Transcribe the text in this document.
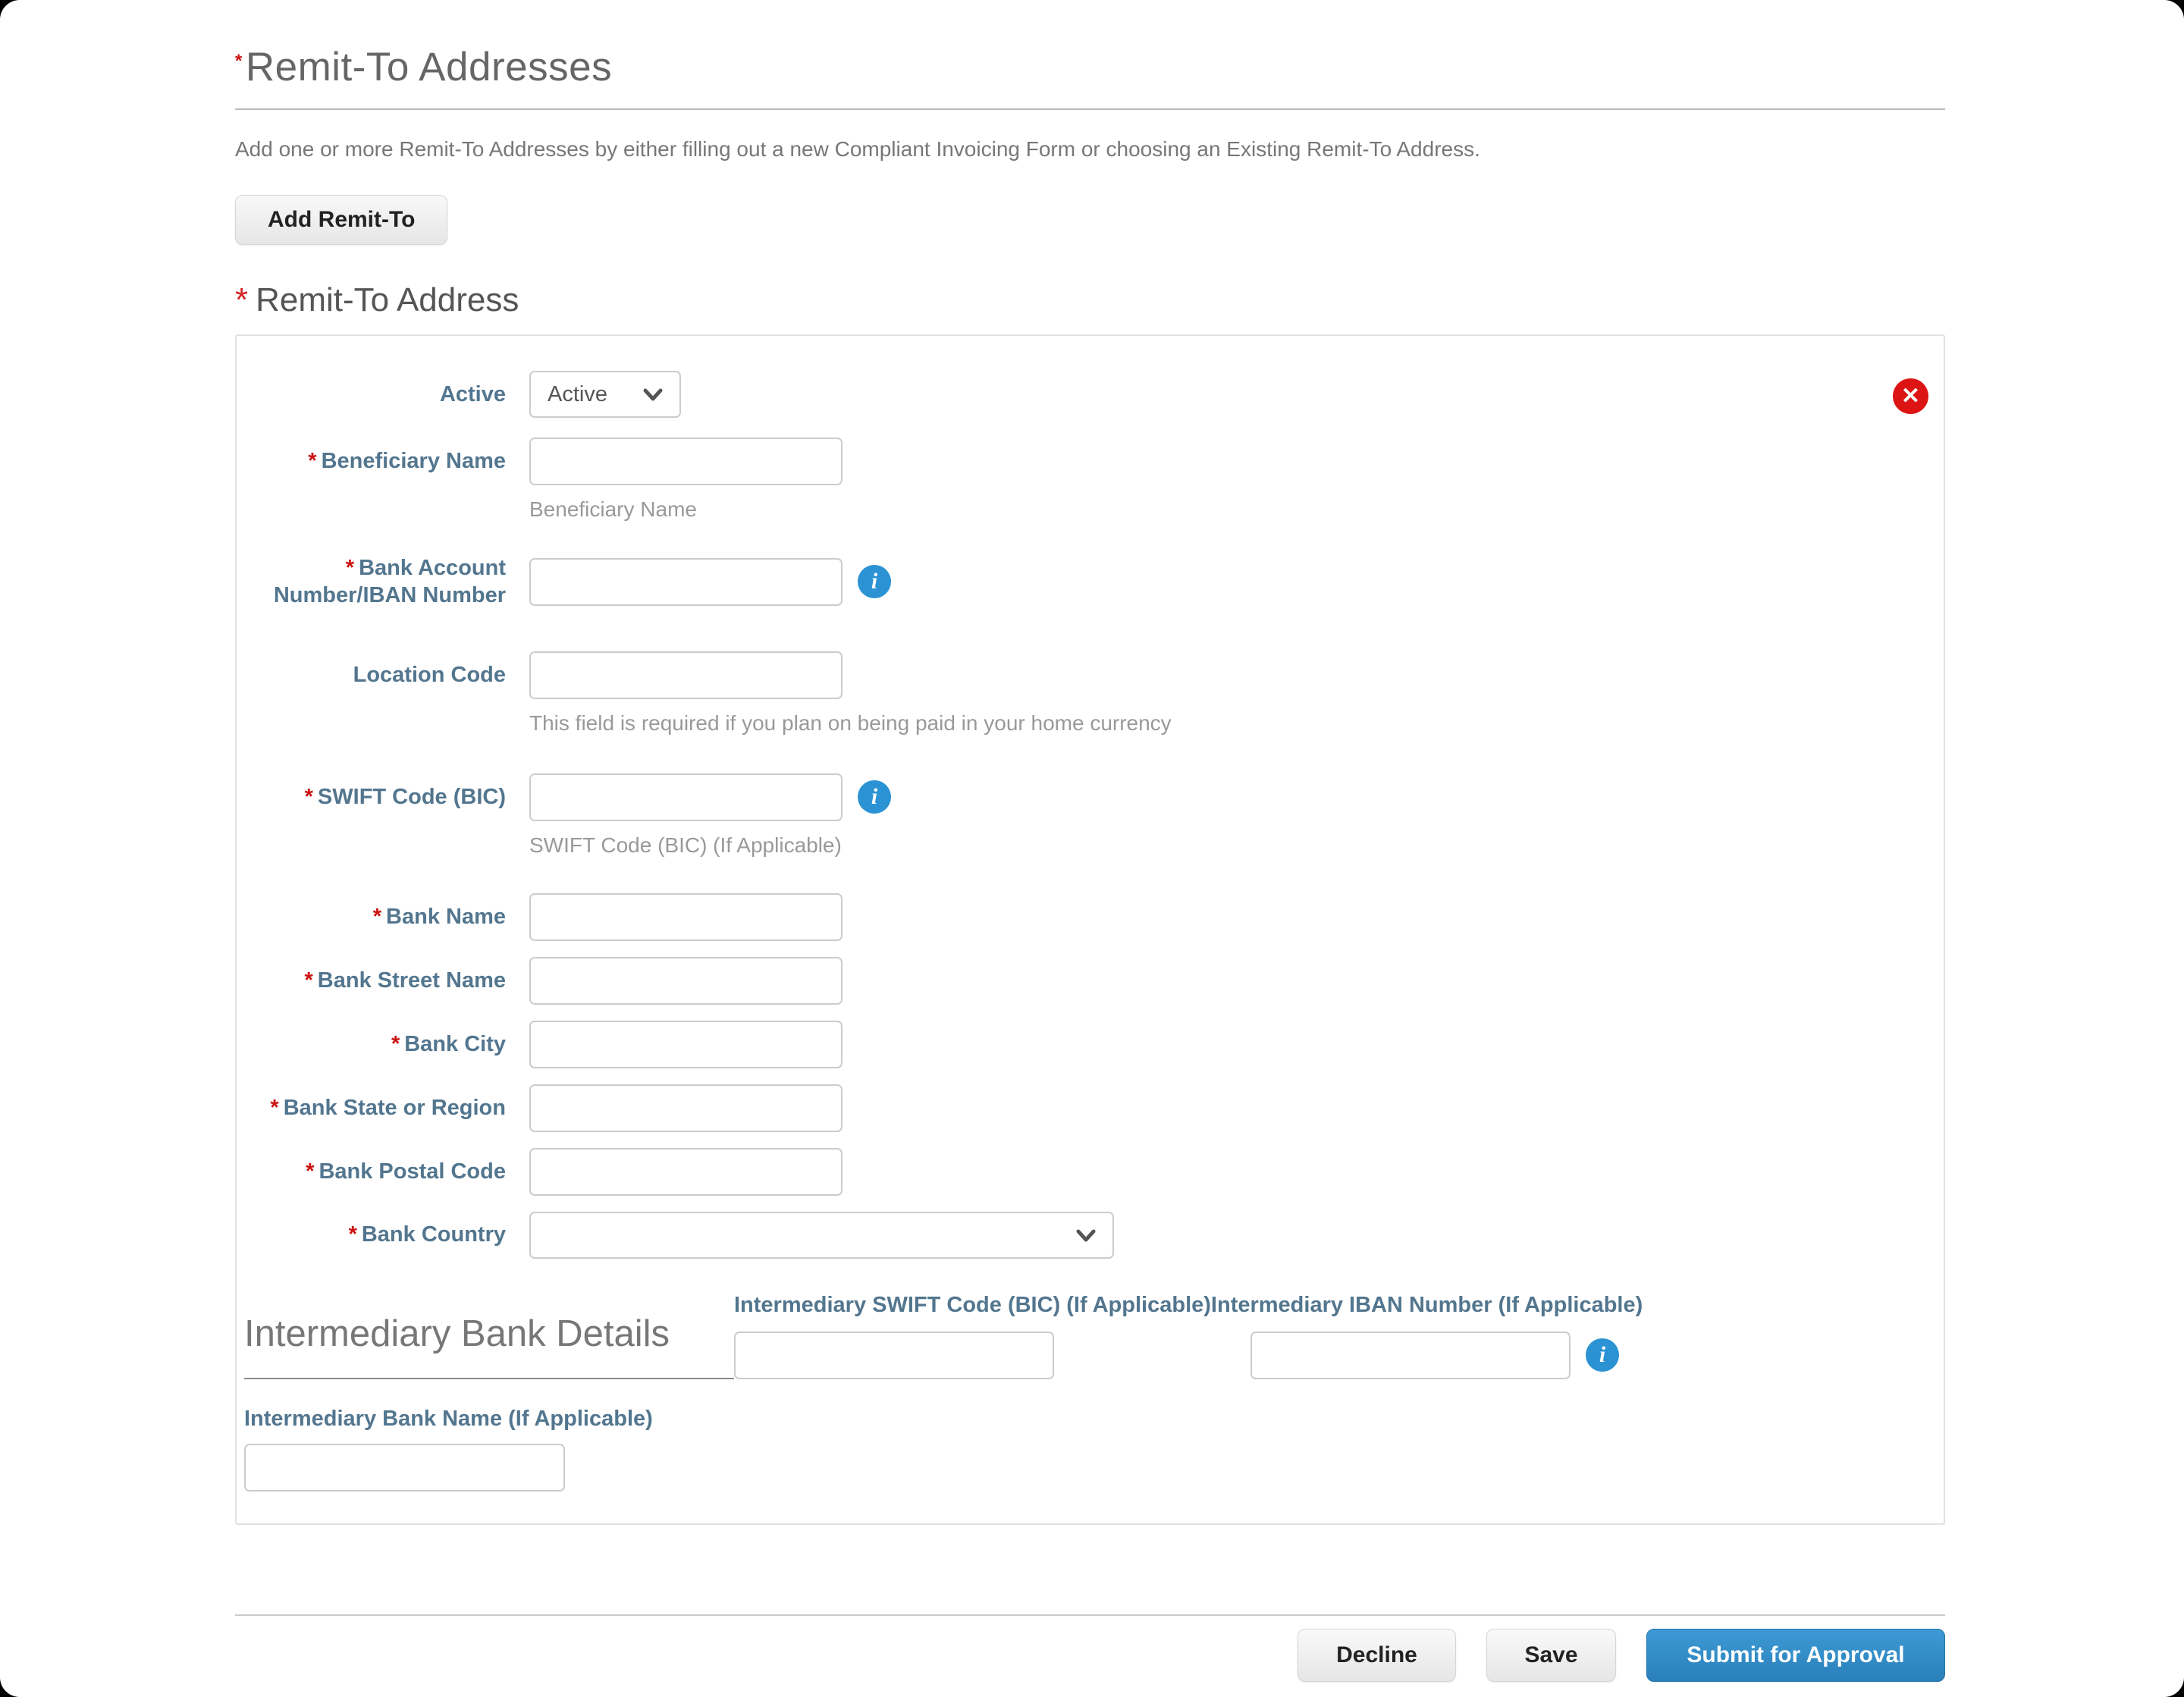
*Remit-To Addresses

Add one or more Remit-To Addresses by either filling out a new Compliant Invoicing Form or choosing an Existing Remit-To Address.

Add Remit-To
* Remit-To Address
✕
Active Active
* Beneficiary Name
Beneficiary Name
* Bank Account Number/IBAN Number
i
Location Code
This field is required if you plan on being paid in your home currency
* SWIFT Code (BIC)
i
SWIFT Code (BIC) (If Applicable)
* Bank Name
* Bank Street Name
* Bank City
* Bank State or Region
* Bank Postal Code
* Bank Country
Intermediary Bank Details
Intermediary SWIFT Code (BIC) (If Applicable)Intermediary IBAN Number (If Applicable)
i
Intermediary Bank Name (If Applicable)
Decline	Save	Submit for Approval
